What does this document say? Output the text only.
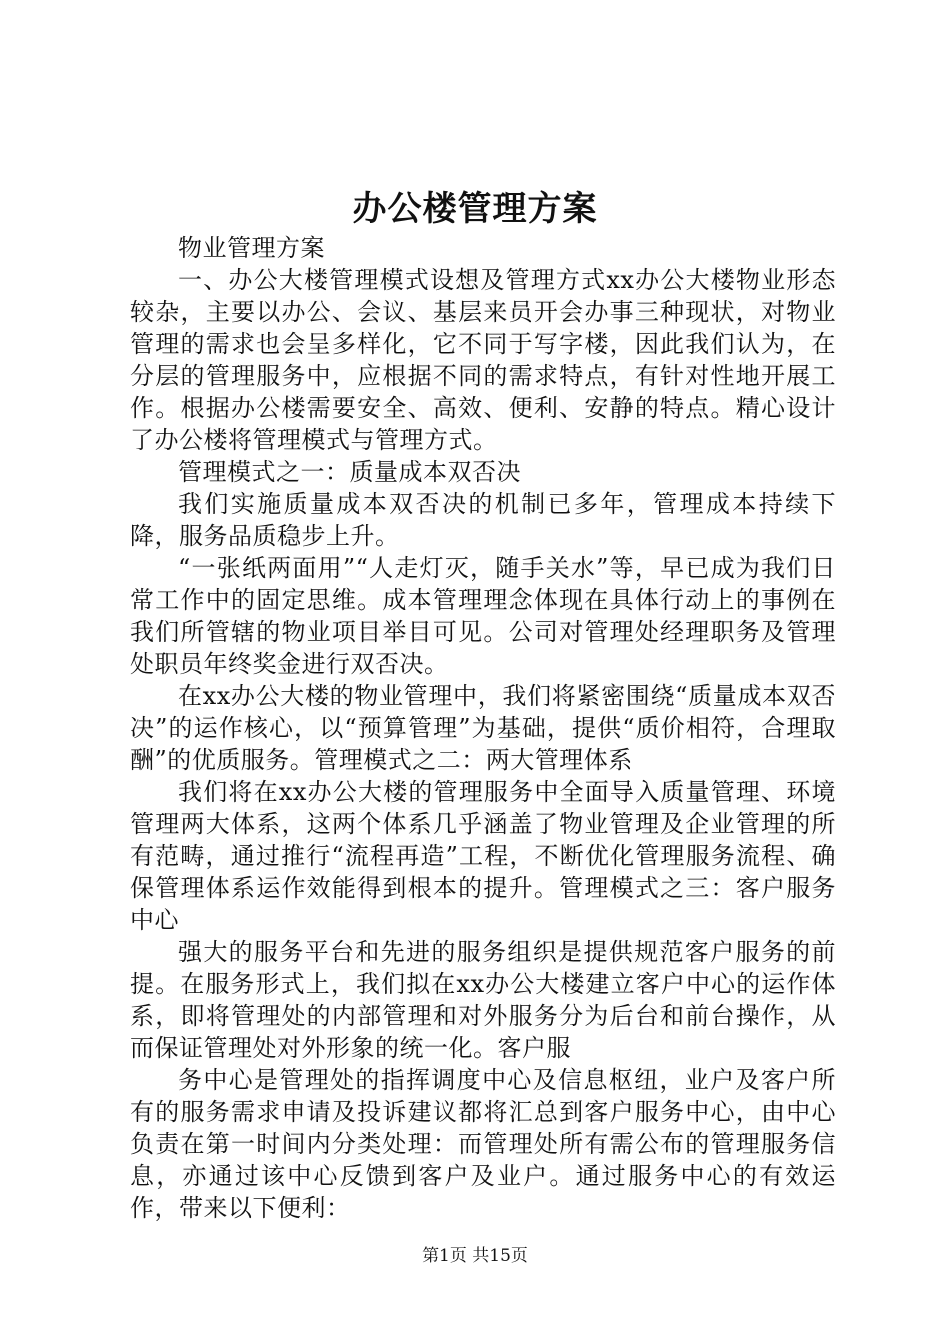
办公楼管理方案

物业管理方案

一、办公大楼管理模式设想及管理方式xx办公大楼物业形态较杂，主要以办公、会议、基层来员开会办事三种现状，对物业管理的需求也会呈多样化，它不同于写字楼，因此我们认为，在分层的管理服务中，应根据不同的需求特点，有针对性地开展工作。根据办公楼需要安全、高效、便利、安静的特点。精心设计了办公楼将管理模式与管理方式。

管理模式之一：质量成本双否决

我们实施质量成本双否决的机制已多年，管理成本持续下降，服务品质稳步上升。

“一张纸两面用”“人走灯灭，随手关水”等，早已成为我们日常工作中的固定思维。成本管理理念体现在具体行动上的事例在我们所管辖的物业项目举目可见。公司对管理处经理职务及管理处职员年终奖金进行双否决。

在xx办公大楼的物业管理中，我们将紧密围绕“质量成本双否决”的运作核心，以“预算管理”为基础，提供“质价相符，合理取酬”的优质服务。管理模式之二：两大管理体系

我们将在xx办公大楼的管理服务中全面导入质量管理、环境管理两大体系，这两个体系几乎涵盖了物业管理及企业管理的所有范畴，通过推行“流程再造”工程，不断优化管理服务流程、确保管理体系运作效能得到根本的提升。管理模式之三：客户服务中心

强大的服务平台和先进的服务组织是提供规范客户服务的前提。在服务形式上，我们拟在xx办公大楼建立客户中心的运作体系，即将管理处的内部管理和对外服务分为后台和前台操作，从而保证管理处对外形象的统一化。客户服

务中心是管理处的指挥调度中心及信息枢纽，业户及客户所有的服务需求申请及投诉建议都将汇总到客户服务中心，由中心负责在第一时间内分类处理：而管理处所有需公布的管理服务信息，亦通过该中心反馈到客户及业户。通过服务中心的有效运作，带来以下便利：

第1页 共15页
